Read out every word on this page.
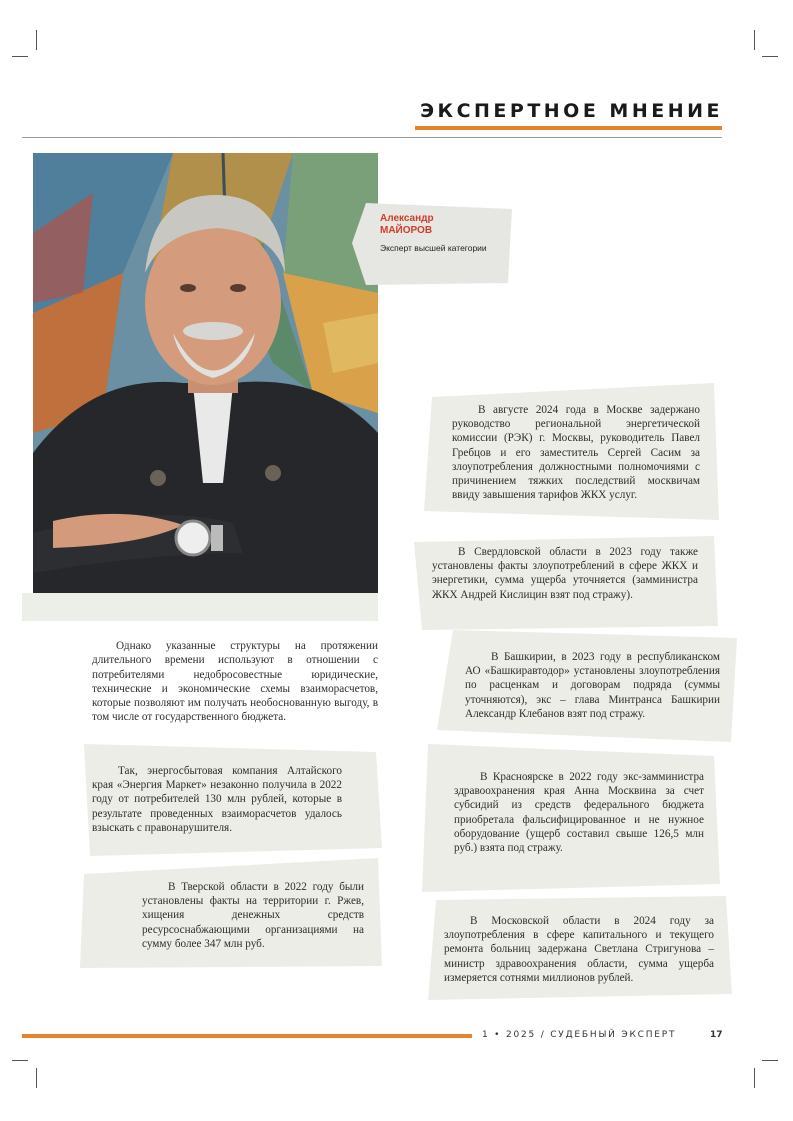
ЭКСПЕРТНОЕ МНЕНИЕ
Александр
МАЙОРОВ
Эксперт высшей категории

Однако указанные структуры на протяжении длительного времени используют в отношении с потребителями недобросовестные юридические, технические и экономические схемы взаиморасчетов, которые позволяют им получать необоснованную выгоду, в том числе от государственного бюджета.

В августе 2024 года в Москве задержано руководство региональной энергетической комиссии (РЭК) г. Москвы, руководитель Павел Гребцов и его заместитель Сергей Сасим за злоупотребления должностными полномочиями с причинением тяжких последствий москвичам ввиду завышения тарифов ЖКХ услуг.

В Свердловской области в 2023 году также установлены факты злоупотреблений в сфере ЖКХ и энергетики, сумма ущерба уточняется (замминистра ЖКХ Андрей Кислицин взят под стражу).

В Башкирии, в 2023 году в республиканском АО «Башкиравтодор» установлены злоупотребления по расценкам и договорам подряда (суммы уточняются), экс – глава Минтранса Башкирии Александр Клебанов взят под стражу.

Так, энергосбытовая компания Алтайского края «Энергия Маркет» незаконно получила в 2022 году от потребителей 130 млн рублей, которые в результате проведенных взаиморасчетов удалось взыскать с правонарушителя.

В Красноярске в 2022 году экс-замминистра здравоохранения края Анна Москвина за счет субсидий из средств федерального бюджета приобретала фальсифицированное и не нужное оборудование (ущерб составил свыше 126,5 млн руб.) взята под стражу.

В Тверской области в 2022 году были установлены факты на территории г. Ржев, хищения денежных средств ресурсоснабжающими организациями на сумму более 347 млн руб.

В Московской области в 2024 году за злоупотребления в сфере капитального и текущего ремонта больниц задержана Светлана Стригунова – министр здравоохранения области, сумма ущерба измеряется сотнями миллионов рублей.

1 • 2025 / СУДЕБНЫЙ ЭКСПЕРТ	17
